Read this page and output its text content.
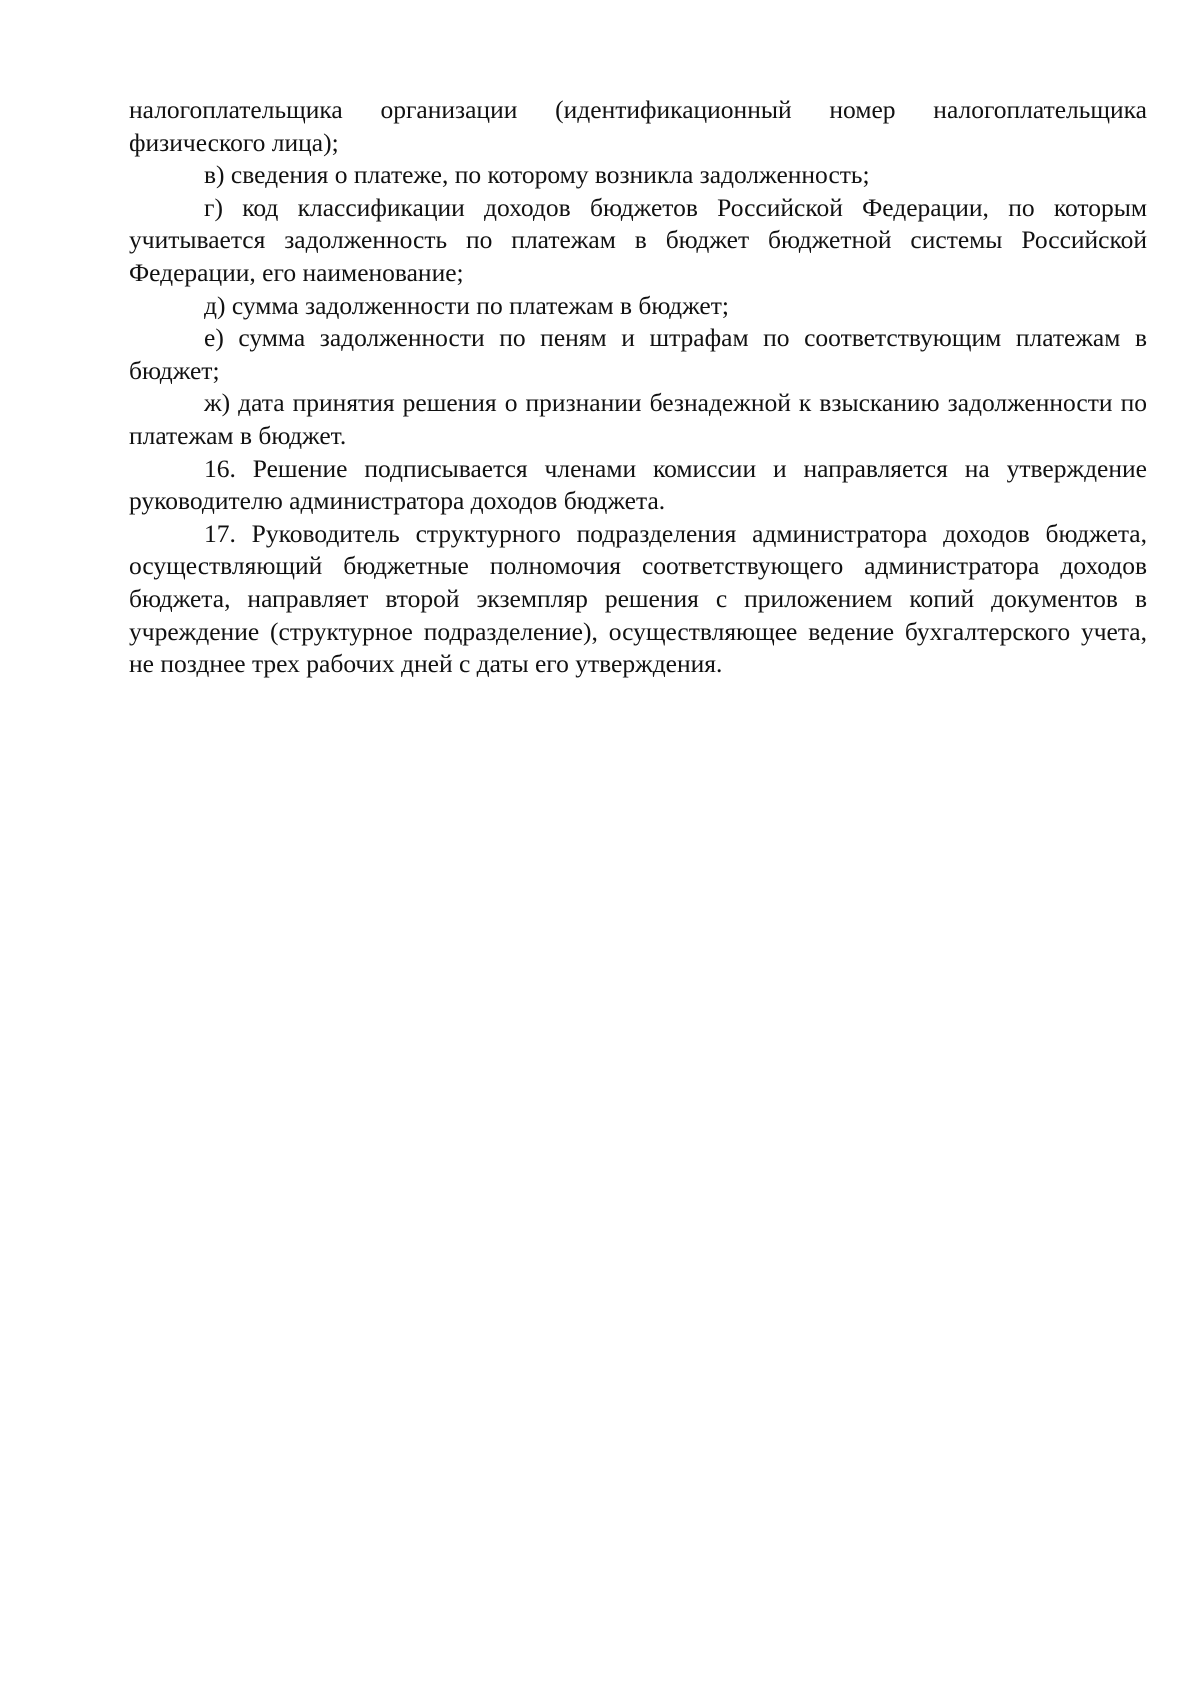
налогоплательщика организации (идентификационный номер налогоплательщика физического лица);

в) сведения о платеже, по которому возникла задолженность;

г) код классификации доходов бюджетов Российской Федерации, по которым учитывается задолженность по платежам в бюджет бюджетной системы Российской Федерации, его наименование;

д) сумма задолженности по платежам в бюджет;

е) сумма задолженности по пеням и штрафам по соответствующим платежам в бюджет;

ж) дата принятия решения о признании безнадежной к взысканию задолженности по платежам в бюджет.

16. Решение подписывается членами комиссии и направляется на утверждение руководителю администратора доходов бюджета.

17. Руководитель структурного подразделения администратора доходов бюджета, осуществляющий бюджетные полномочия соответствующего администратора доходов бюджета, направляет второй экземпляр решения с приложением копий документов в учреждение (структурное подразделение), осуществляющее ведение бухгалтерского учета, не позднее трех рабочих дней с даты его утверждения.
